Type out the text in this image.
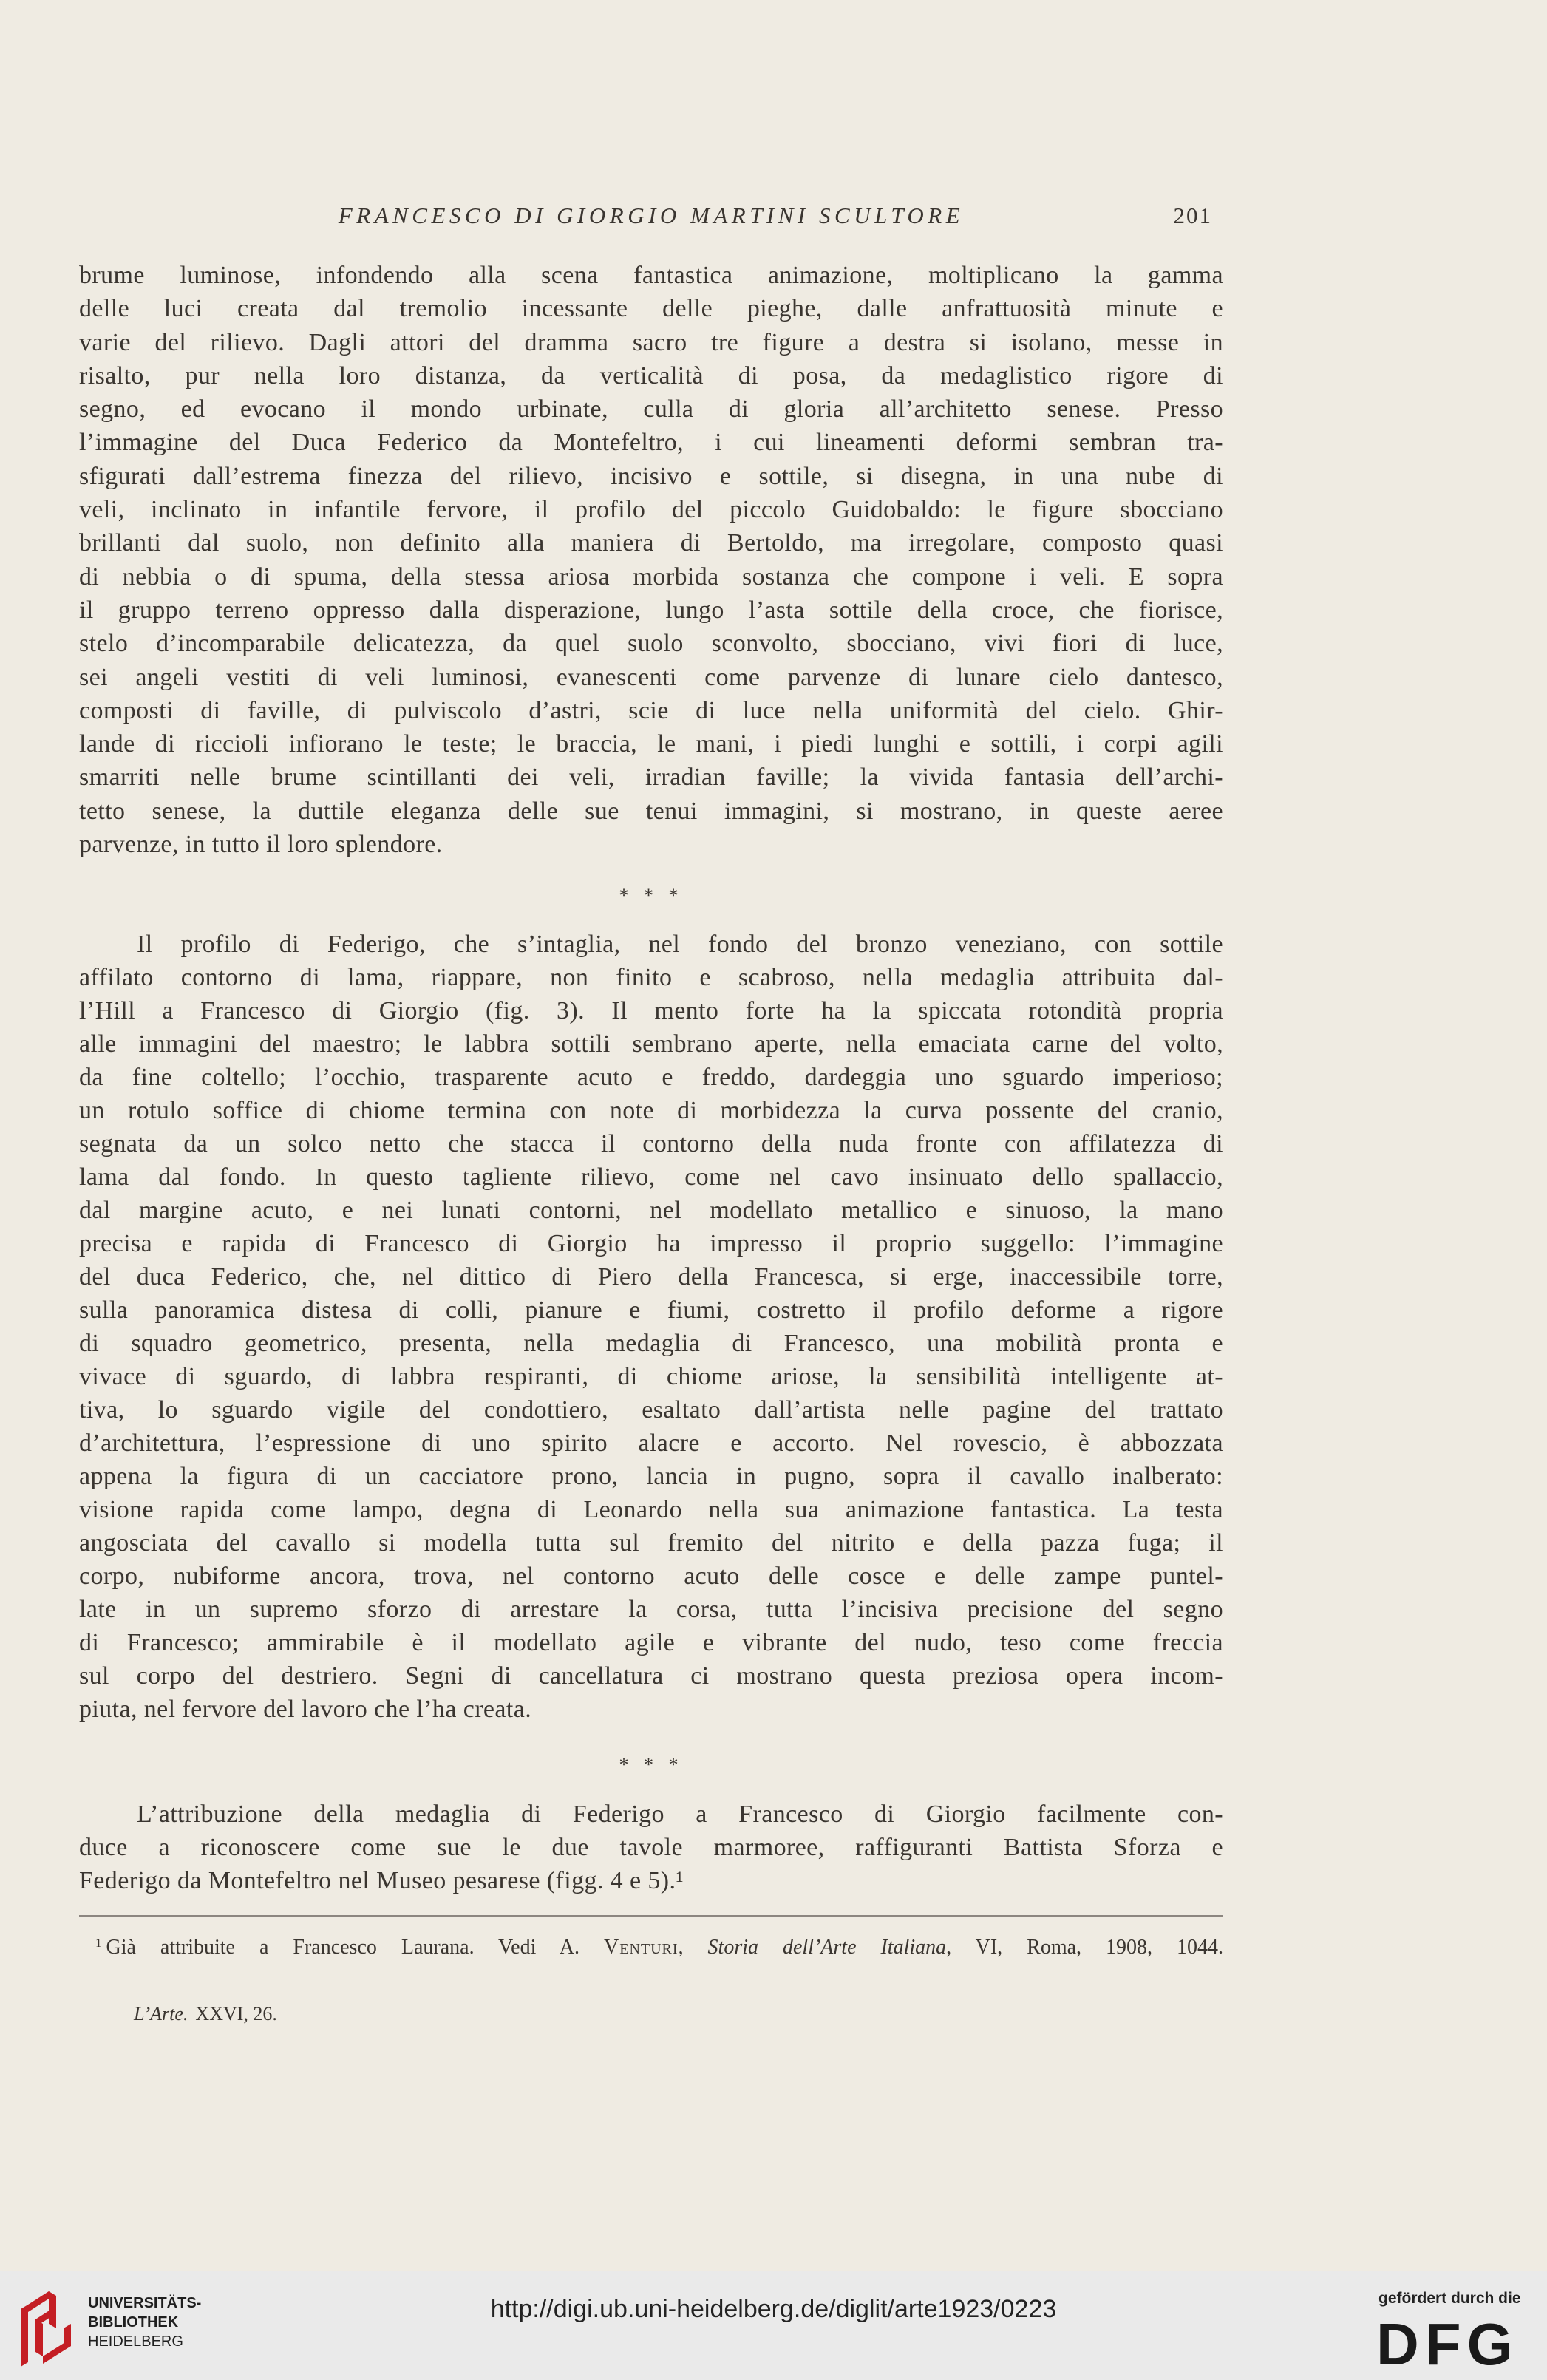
FRANCESCO DI GIORGIO MARTINI SCULTORE	201
brume luminose, infondendo alla scena fantastica animazione, moltiplicano la gamma
delle luci creata dal tremolio incessante delle pieghe, dalle anfrattuosità minute e
varie del rilievo. Dagli attori del dramma sacro tre figure a destra si isolano, messe in
risalto, pur nella loro distanza, da verticalità di posa, da medaglistico rigore di
segno, ed evocano il mondo urbinate, culla di gloria all’architetto senese. Presso
l’immagine del Duca Federico da Montefeltro, i cui lineamenti deformi sembran tra-
sfigurati dall’estrema finezza del rilievo, incisivo e sottile, si disegna, in una nube di
veli, inclinato in infantile fervore, il profilo del piccolo Guidobaldo: le figure sbocciano
brillanti dal suolo, non definito alla maniera di Bertoldo, ma irregolare, composto quasi
di nebbia o di spuma, della stessa ariosa morbida sostanza che compone i veli. E sopra
il gruppo terreno oppresso dalla disperazione, lungo l’asta sottile della croce, che fiorisce,
stelo d’incomparabile delicatezza, da quel suolo sconvolto, sbocciano, vivi fiori di luce,
sei angeli vestiti di veli luminosi, evanescenti come parvenze di lunare cielo dantesco,
composti di faville, di pulviscolo d’astri, scie di luce nella uniformità del cielo. Ghir-
lande di riccioli infiorano le teste; le braccia, le mani, i piedi lunghi e sottili, i corpi agili
smarriti nelle brume scintillanti dei veli, irradian faville; la vivida fantasia dell’archi-
tetto senese, la duttile eleganza delle sue tenui immagini, si mostrano, in queste aeree
parvenze, in tutto il loro splendore.
* * *
Il profilo di Federigo, che s’intaglia, nel fondo del bronzo veneziano, con sottile
affilato contorno di lama, riappare, non finito e scabroso, nella medaglia attribuita dal-
l’Hill a Francesco di Giorgio (fig. 3). Il mento forte ha la spiccata rotondità propria
alle immagini del maestro; le labbra sottili sembrano aperte, nella emaciata carne del volto,
da fine coltello; l’occhio, trasparente acuto e freddo, dardeggia uno sguardo imperioso;
un rotulo soffice di chiome termina con note di morbidezza la curva possente del cranio,
segnata da un solco netto che stacca il contorno della nuda fronte con affilatezza di
lama dal fondo. In questo tagliente rilievo, come nel cavo insinuato dello spallaccio,
dal margine acuto, e nei lunati contorni, nel modellato metallico e sinuoso, la mano
precisa e rapida di Francesco di Giorgio ha impresso il proprio suggello: l’immagine
del duca Federico, che, nel dittico di Piero della Francesca, si erge, inaccessibile torre,
sulla panoramica distesa di colli, pianure e fiumi, costretto il profilo deforme a rigore
di squadro geometrico, presenta, nella medaglia di Francesco, una mobilità pronta e
vivace di sguardo, di labbra respiranti, di chiome ariose, la sensibilità intelligente at-
tiva, lo sguardo vigile del condottiero, esaltato dall’artista nelle pagine del trattato
d’architettura, l’espressione di uno spirito alacre e accorto. Nel rovescio, è abbozzata
appena la figura di un cacciatore prono, lancia in pugno, sopra il cavallo inalberato:
visione rapida come lampo, degna di Leonardo nella sua animazione fantastica. La testa
angosciata del cavallo si modella tutta sul fremito del nitrito e della pazza fuga; il
corpo, nubiforme ancora, trova, nel contorno acuto delle cosce e delle zampe puntel-
late in un supremo sforzo di arrestare la corsa, tutta l’incisiva precisione del segno
di Francesco; ammirabile è il modellato agile e vibrante del nudo, teso come freccia
sul corpo del destriero. Segni di cancellatura ci mostrano questa preziosa opera incom-
piuta, nel fervore del lavoro che l’ha creata.
* * *
L’attribuzione della medaglia di Federigo a Francesco di Giorgio facilmente con-
duce a riconoscere come sue le due tavole marmoree, raffiguranti Battista Sforza e
Federigo da Montefeltro nel Museo pesarese (figg. 4 e 5).¹
$^1$ Già attribuite a Francesco Laurana. Vedi A. Venturi, Storia dell’Arte Italiana, VI, Roma, 1908, 1044.
L’Arte. XXVI, 26.
UNIVERSITÄTS-
BIBLIOTHEK
HEIDELBERG
http://digi.ub.uni-heidelberg.de/diglit/arte1923/0223	gefördert durch die
DFG
